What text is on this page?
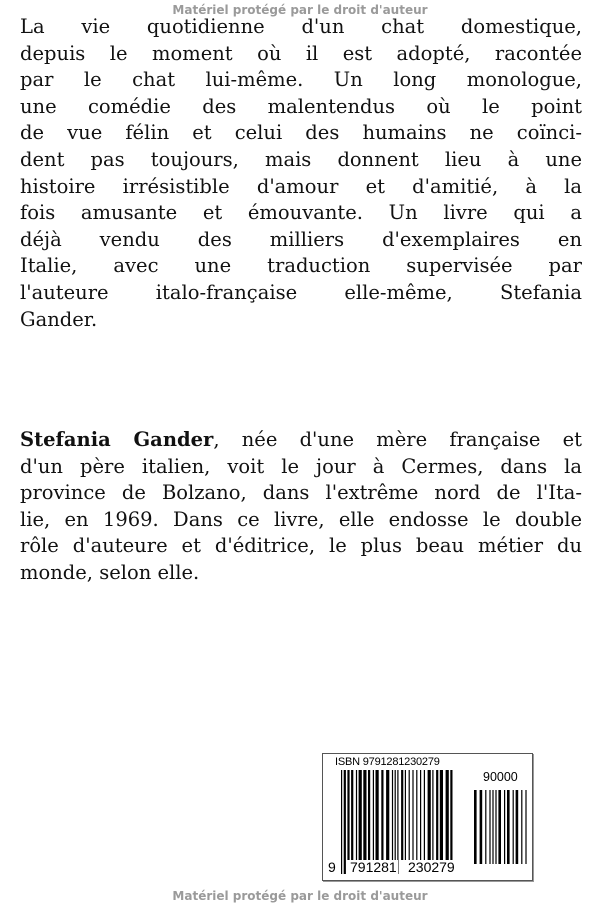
Matériel protégé par le droit d'auteur
La vie quotidienne d'un chat domestique,
depuis le moment où il est adopté, racontée
par le chat lui-même. Un long monologue,
une comédie des malentendus où le point
de vue félin et celui des humains ne coïnci-
dent pas toujours, mais donnent lieu à une
histoire irrésistible d'amour et d'amitié, à la
fois amusante et émouvante. Un livre qui a
déjà vendu des milliers d'exemplaires en
Italie, avec une traduction supervisée par
l'auteure italo-française elle-même, Stefania
Gander.
Stefania Gander, née d'une mère française et
d'un père italien, voit le jour à Cermes, dans la
province de Bolzano, dans l'extrême nord de l'Ita-
lie, en 1969. Dans ce livre, elle endosse le double
rôle d'auteure et d'éditrice, le plus beau métier du
monde, selon elle.
ISBN 9791281230279
90000
9 791281 230279
Matériel protégé par le droit d'auteur
